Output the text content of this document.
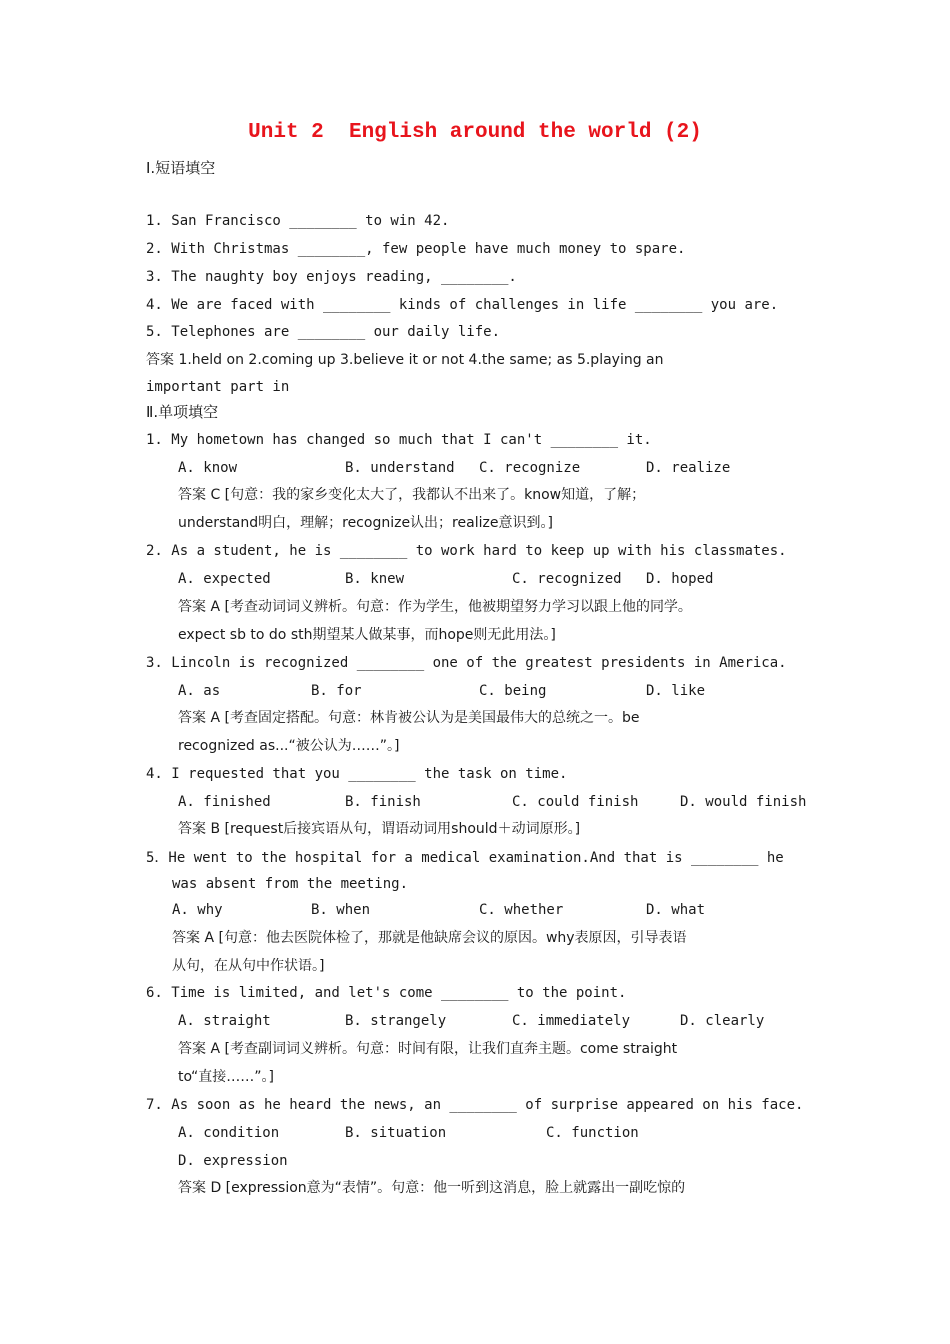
Unit 2  English around the world (2)
Ⅰ.短语填空
1. San Francisco ________ to win 42.
2. With Christmas ________, few people have much money to spare.
3. The naughty boy enjoys reading, ________.
4. We are faced with ________ kinds of challenges in life ________ you are.
5. Telephones are ________ our daily life.
答案 1.held on 2.coming up 3.believe it or not 4.the same; as 5.playing an
important part in
Ⅱ.单项填空
1. My hometown has changed so much that I can't ________ it.
A. know	B. understand C. recognize	D. realize
答案 C [句意：我的家乡变化太大了，我都认不出来了。know知道，了解；
understand明白，理解；recognize认出；realize意识到。]
2. As a student, he is ________ to work hard to keep up with his classmates.
A. expected	B. knew	C. recognized D. hoped
答案 A [考查动词词义辨析。句意：作为学生，他被期望努力学习以跟上他的同学。
expect sb to do sth期望某人做某事，而hope则无此用法。]
3. Lincoln is recognized ________ one of the greatest presidents in America.
A. as	B. for	C. being	D. like
答案 A [考查固定搭配。句意：林肯被公认为是美国最伟大的总统之一。be
recognized as...“被公认为……”。]
4. I requested that you ________ the task on time.
A. finished	B. finish	C. could finish	D. would finish
答案 B [request后接宾语从句，谓语动词用should＋动词原形。]
5．He went to the hospital for a medical examination.And that is ________ he
was absent from the meeting.
A. why	B. when	C. whether	D. what
答案 A [句意：他去医院体检了，那就是他缺席会议的原因。why表原因，引导表语
从句，在从句中作状语。]
6. Time is limited, and let's come ________ to the point.
A. straight	B. strangely	C. immediately	D. clearly
答案 A [考查副词词义辨析。句意：时间有限，让我们直奔主题。come straight
to“直接……”。]
7. As soon as he heard the news, an ________ of surprise appeared on his face.
A. condition	B. situation	C. function
D. expression
答案 D [expression意为“表情”。句意：他一听到这消息，脸上就露出一副吃惊的
